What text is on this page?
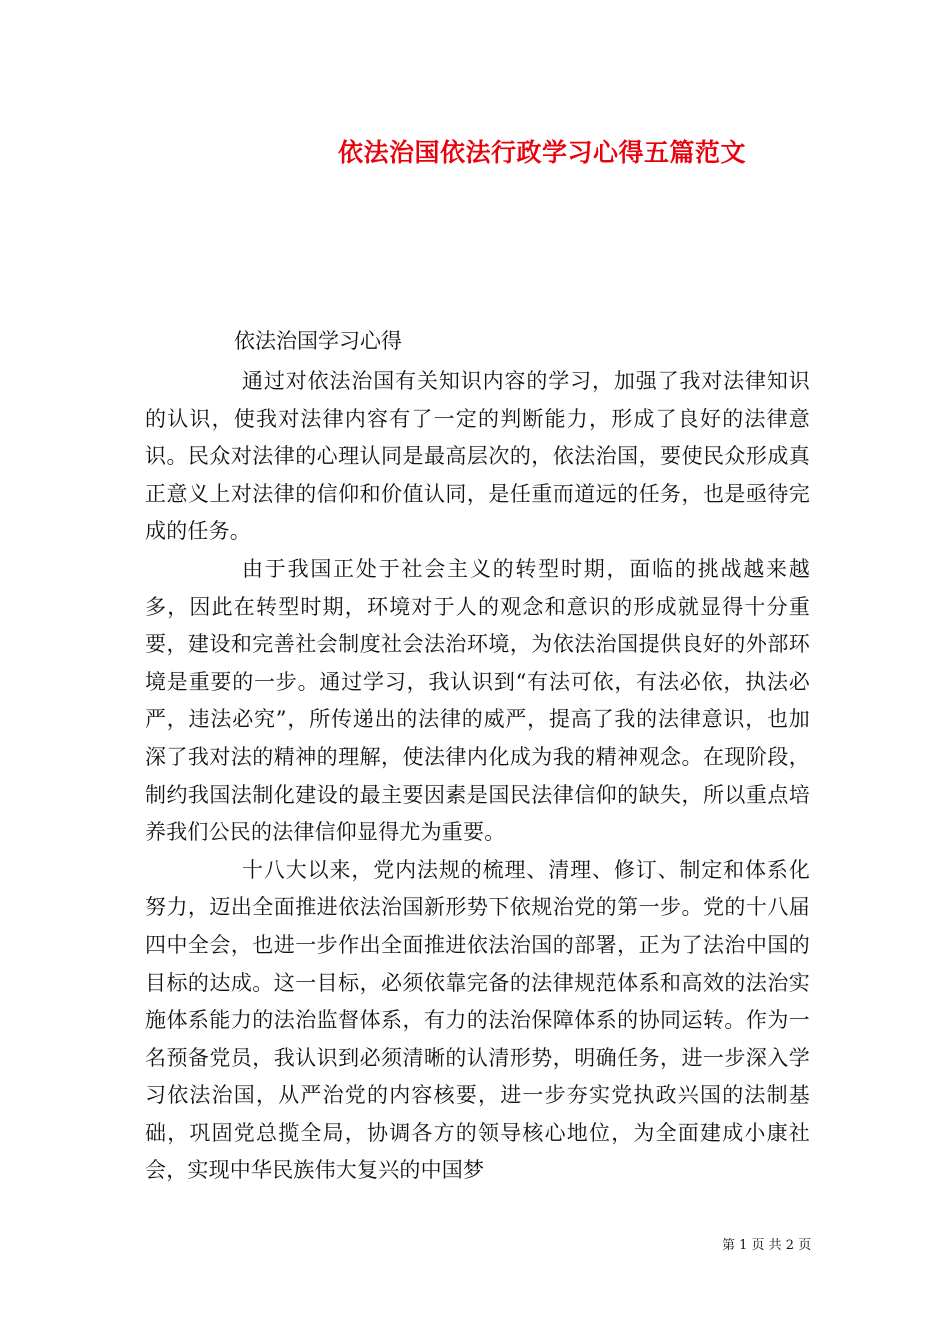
依法治国依法行政学习心得五篇范文
依法治国学习心得

通过对依法治国有关知识内容的学习，加强了我对法律知识的认识，使我对法律内容有了一定的判断能力，形成了良好的法律意识。民众对法律的心理认同是最高层次的，依法治国，要使民众形成真正意义上对法律的信仰和价值认同，是任重而道远的任务，也是亟待完成的任务。

由于我国正处于社会主义的转型时期，面临的挑战越来越多，因此在转型时期，环境对于人的观念和意识的形成就显得十分重要，建设和完善社会制度社会法治环境，为依法治国提供良好的外部环境是重要的一步。通过学习，我认识到“有法可依，有法必依，执法必严，违法必究”，所传递出的法律的威严，提高了我的法律意识，也加深了我对法的精神的理解，使法律内化成为我的精神观念。在现阶段，制约我国法制化建设的最主要因素是国民法律信仰的缺失，所以重点培养我们公民的法律信仰显得尤为重要。

十八大以来，党内法规的梳理、清理、修订、制定和体系化努力，迈出全面推进依法治国新形势下依规治党的第一步。党的十八届四中全会，也进一步作出全面推进依法治国的部署，正为了法治中国的目标的达成。这一目标，必须依靠完备的法律规范体系和高效的法治实施体系能力的法治监督体系，有力的法治保障体系的协同运转。作为一名预备党员，我认识到必须清晰的认清形势，明确任务，进一步深入学习依法治国，从严治党的内容核要，进一步夯实党执政兴国的法制基础，巩固党总揽全局，协调各方的领导核心地位，为全面建成小康社会，实现中华民族伟大复兴的中国梦

第 1 页 共 2 页
